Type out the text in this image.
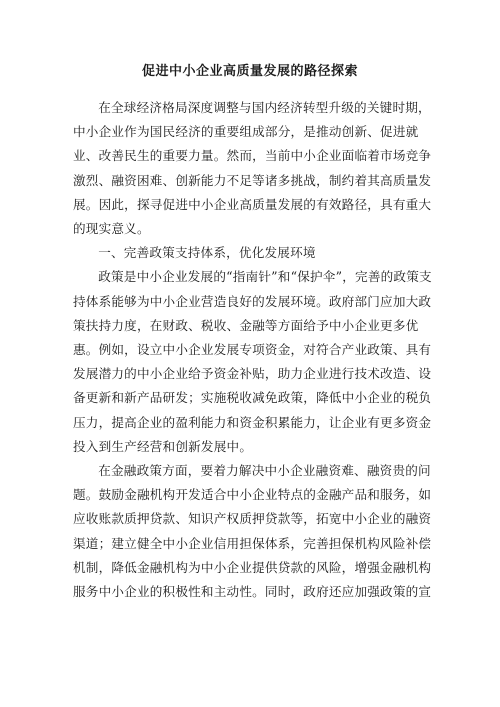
促进中小企业高质量发展的路径探索

在全球经济格局深度调整与国内经济转型升级的关键时期，中小企业作为国民经济的重要组成部分，是推动创新、促进就业、改善民生的重要力量。然而，当前中小企业面临着市场竞争激烈、融资困难、创新能力不足等诸多挑战，制约着其高质量发展。因此，探寻促进中小企业高质量发展的有效路径，具有重大的现实意义。

一、完善政策支持体系，优化发展环境

政策是中小企业发展的“指南针”和“保护伞”，完善的政策支持体系能够为中小企业营造良好的发展环境。政府部门应加大政策扶持力度，在财政、税收、金融等方面给予中小企业更多优惠。例如，设立中小企业发展专项资金，对符合产业政策、具有发展潜力的中小企业给予资金补贴，助力企业进行技术改造、设备更新和新产品研发；实施税收减免政策，降低中小企业的税负压力，提高企业的盈利能力和资金积累能力，让企业有更多资金投入到生产经营和创新发展中。

在金融政策方面，要着力解决中小企业融资难、融资贵的问题。鼓励金融机构开发适合中小企业特点的金融产品和服务，如应收账款质押贷款、知识产权质押贷款等，拓宽中小企业的融资渠道；建立健全中小企业信用担保体系，完善担保机构风险补偿机制，降低金融机构为中小企业提供贷款的风险，增强金融机构服务中小企业的积极性和主动性。同时，政府还应加强政策的宣
